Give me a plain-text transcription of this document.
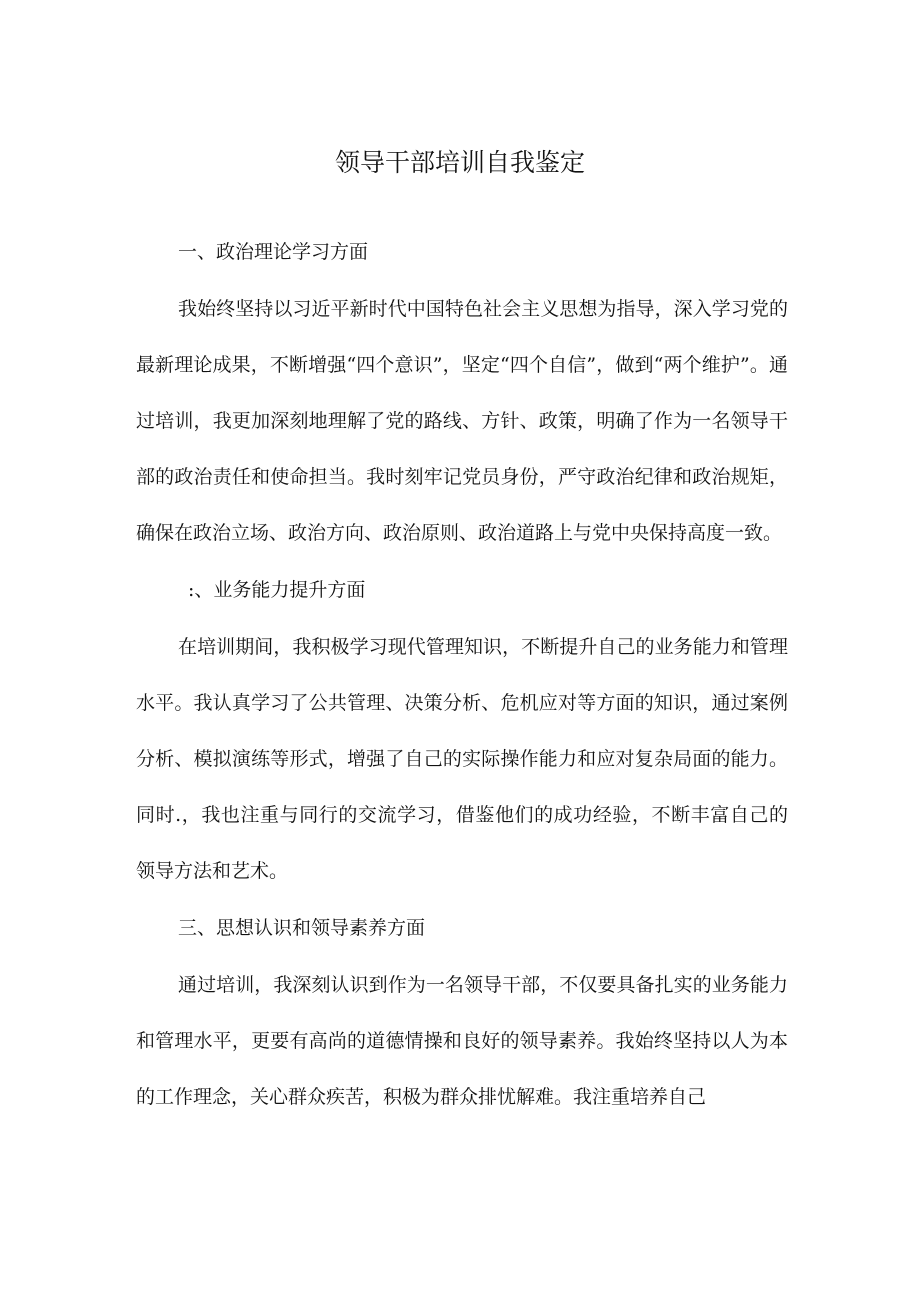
领导干部培训自我鉴定

一、政治理论学习方面

我始终坚持以习近平新时代中国特色社会主义思想为指导，深入学习党的最新理论成果，不断增强“四个意识”，坚定“四个自信”，做到“两个维护”。通过培训，我更加深刻地理解了党的路线、方针、政策，明确了作为一名领导干部的政治责任和使命担当。我时刻牢记党员身份，严守政治纪律和政治规矩，确保在政治立场、政治方向、政治原则、政治道路上与党中央保持高度一致。

:、业务能力提升方面

在培训期间，我积极学习现代管理知识，不断提升自己的业务能力和管理水平。我认真学习了公共管理、决策分析、危机应对等方面的知识，通过案例分析、模拟演练等形式，增强了自己的实际操作能力和应对复杂局面的能力。同时.，我也注重与同行的交流学习，借鉴他们的成功经验，不断丰富自己的领导方法和艺术。

三、思想认识和领导素养方面

通过培训，我深刻认识到作为一名领导干部，不仅要具备扎实的业务能力和管理水平，更要有高尚的道德情操和良好的领导素养。我始终坚持以人为本的工作理念，关心群众疾苦，积极为群众排忧解难。我注重培养自己
